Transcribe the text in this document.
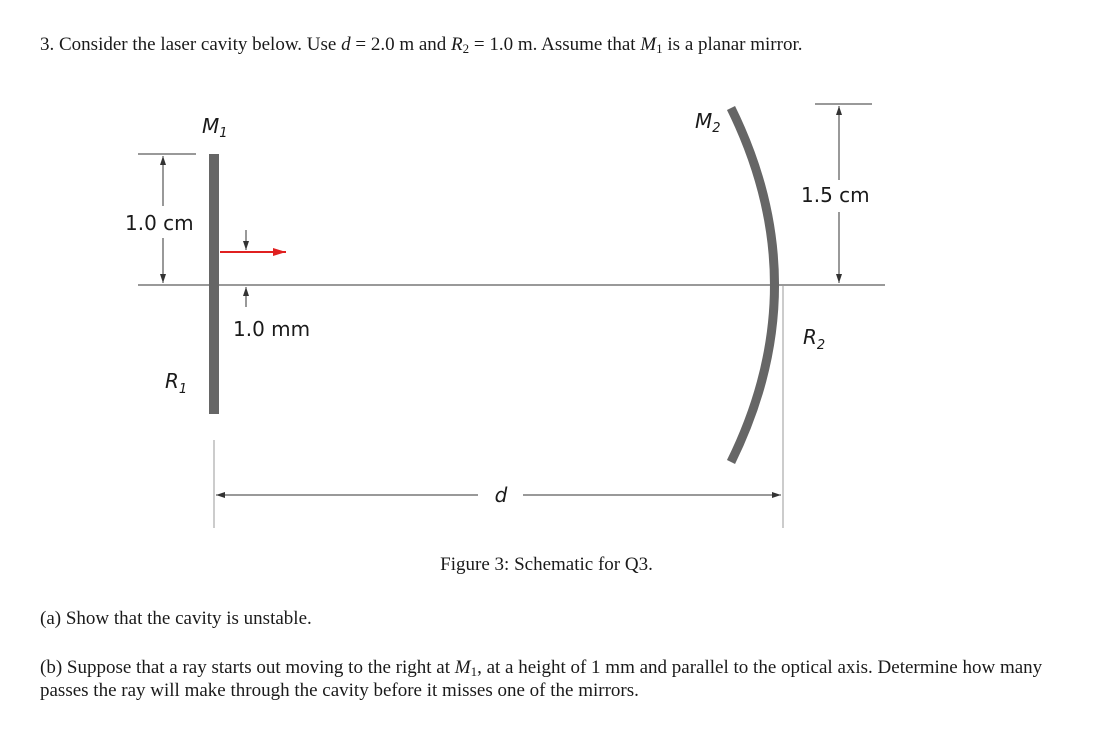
3. Consider the laser cavity below. Use d = 2.0 m and $R_2 = 1.0$ m. Assume that $M_1$ is a planar mirror.
$M_1$
$M_2$
$R_1$
$R_2$
d
1.0 cm
1.5 cm
1.0 mm
Figure 3: Schematic for Q3.
(a) Show that the cavity is unstable.
(b) Suppose that a ray starts out moving to the right at $M_1$, at a height of 1 mm and parallel to the optical axis. Determine how many passes the ray will make through the cavity before it misses one of the mirrors.
